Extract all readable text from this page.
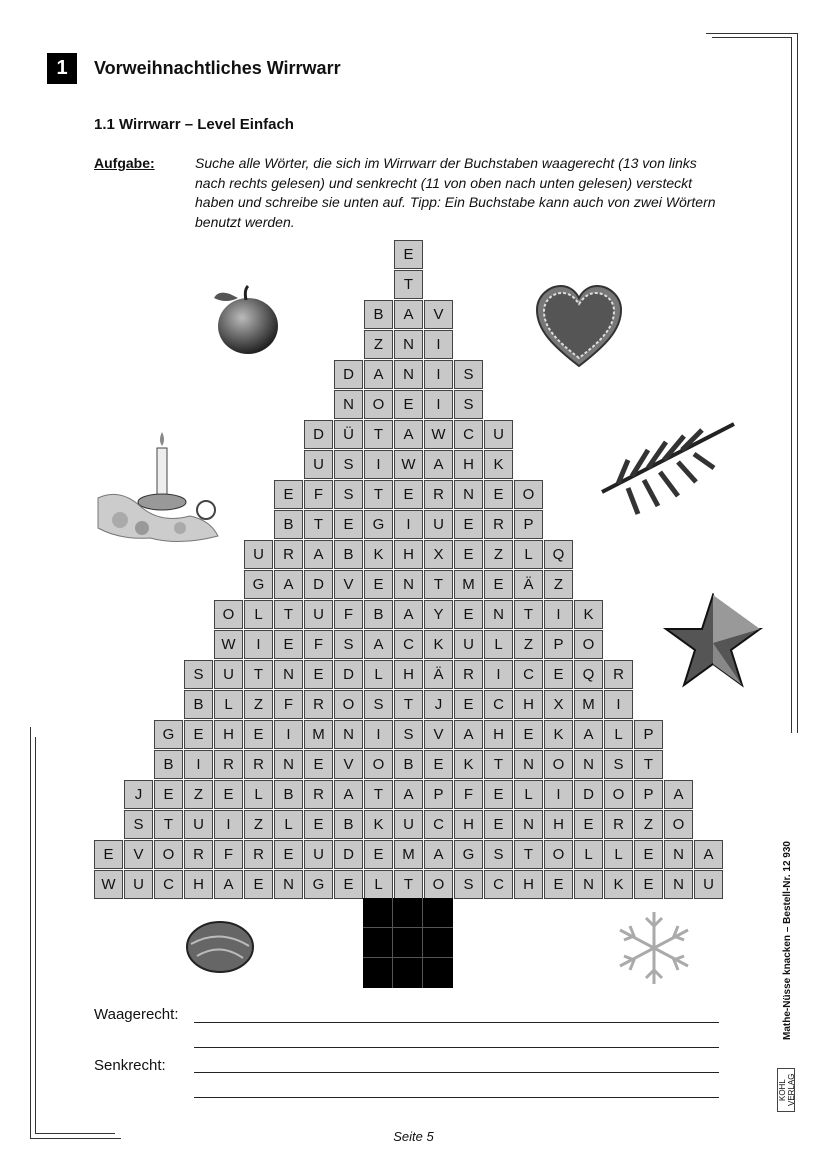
1	Vorweihnachtliches Wirrwarr
1.1 Wirrwarr – Level Einfach
Aufgabe:	Suche alle Wörter, die sich im Wirrwarr der Buchstaben waagerecht (13 von links nach rechts gelesen) und senkrecht (11 von oben nach unten gelesen) versteckt haben und schreibe sie unten auf. Tipp: Ein Buchstabe kann auch von zwei Wörtern benutzt werden.
E
T
B	A	V
Z	N	I
D	A	N	I	S
N	O	E	I	S
D	Ü	T	A	W	C	U
U	S	I	W	A	H	K
E	F	S	T	E	R	N	E	O
B	T	E	G	I	U	E	R	P
U	R	A	B	K	H	X	E	Z	L	Q
G	A	D	V	E	N	T	M	E	Ä	Z
O	L	T	U	F	B	A	Y	E	N	T	I	K
W	I	E	F	S	A	C	K	U	L	Z	P	O
S	U	T	N	E	D	L	H	Ä	R	I	C	E	Q	R
B	L	Z	F	R	O	S	T	J	E	C	H	X	M	I
G	E	H	E	I	M	N	I	S	V	A	H	E	K	A	L	P
B	I	R	R	N	E	V	O	B	E	K	T	N	O	N	S	T
J	E	Z	E	L	B	R	A	T	A	P	F	E	L	I	D	O	P	A
S	T	U	I	Z	L	E	B	K	U	C	H	E	N	H	E	R	Z	O
E	V	O	R	F	R	E	U	D	E	M	A	G	S	T	O	L	L	E	N	A
W	U	C	H	A	E	N	G	E	L	T	O	S	C	H	E	N	K	E	N	U
Waagerecht:
Senkrecht:
Seite 5
Mathe-Nüsse knacken – Bestell-Nr. 12 930
KOHL VERLAG
